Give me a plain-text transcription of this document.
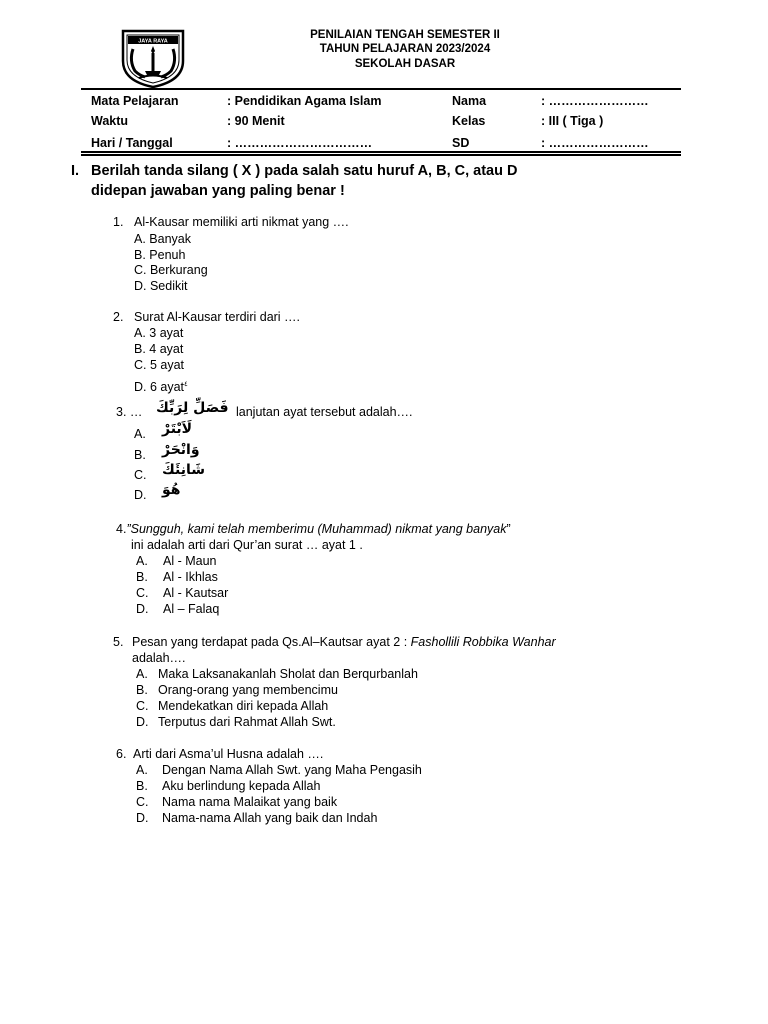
JAYA RAYA
PENILAIAN TENGAH SEMESTER II
TAHUN PELAJARAN 2023/2024
SEKOLAH DASAR
Mata Pelajaran	: Pendidikan Agama Islam	Nama	: ……………………
Waktu	: 90 Menit	Kelas	: III ( Tiga )
Hari / Tanggal	: ……………………………	SD	: ……………………
I. Berilah tanda silang ( X ) pada salah satu huruf A, B, C, atau D
didepan jawaban yang paling benar !
1. Al-Kausar memiliki arti nikmat yang ….
A. Banyak
B. Penuh
C. Berkurang
D. Sedikit
2. Surat Al-Kausar terdiri dari ….
A. 3 ayat
B. 4 ayat
C. 5 ayat
D. 6 ayat$^٤$
3. … فَصَلِّ لِرَبِّكَ lanjutan ayat tersebut adalah….
A. لَاَبْتَرْ
B. وَانْحَرْ
C. شَانِئَكَ
D. هُوَ
4.”Sungguh, kami telah memberimu (Muhammad) nikmat yang banyak”
ini adalah arti dari Qur’an surat … ayat 1 .
A. Al - Maun
B. Al - Ikhlas
C. Al - Kautsar
D. Al – Falaq
5. Pesan yang terdapat pada Qs.Al–Kautsar ayat 2 : Fashollili Robbika Wanhar
adalah….
A. Maka Laksanakanlah Sholat dan Berqurbanlah
B. Orang-orang yang membencimu
C. Mendekatkan diri kepada Allah
D. Terputus dari Rahmat Allah Swt.
6. Arti dari Asma’ul Husna adalah ….
A. Dengan Nama Allah Swt. yang Maha Pengasih
B. Aku berlindung kepada Allah
C. Nama nama Malaikat yang baik
D. Nama-nama Allah yang baik dan Indah
